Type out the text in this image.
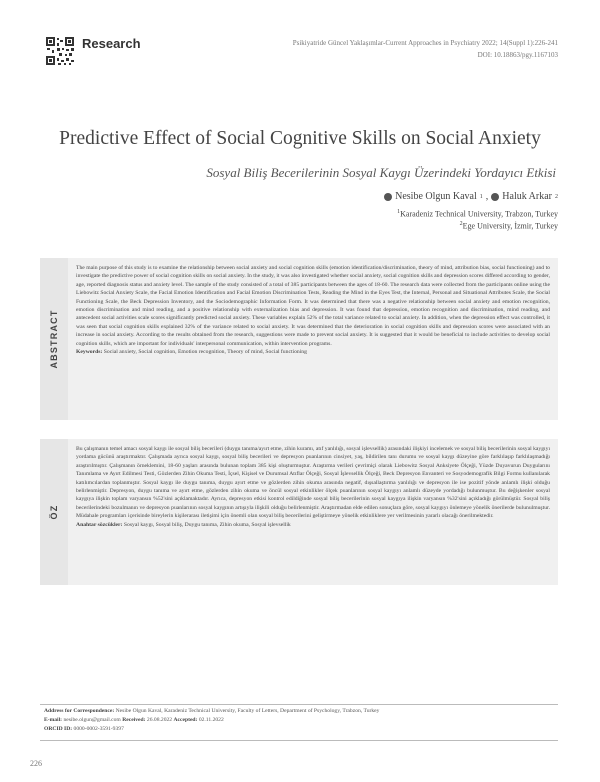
Research	Psikiyatride Güncel Yaklaşımlar-Current Approaches in Psychiatry 2022; 14(Suppl 1):226-241
DOI: 10.18863/pgy.1167103
Predictive Effect of Social Cognitive Skills on Social Anxiety
Sosyal Biliş Becerilerinin Sosyal Kaygı Üzerindeki Yordayıcı Etkisi
Nesibe Olgun Kaval 1 , Haluk Arkar 2
$^1$Karadeniz Technical University, Trabzon, Turkey
$^2$Ege University, İzmir, Turkey
ABSTRACT
The main purpose of this study is to examine the relationship between social anxiety and social cognition skills (emotion identification/discrimination, theory of mind, attribution bias, social functioning) and to investigate the predictive power of social cognition skills on social anxiety. In the study, it was also investigated whether social anxiety, social cognition skills and depression scores differed according to gender, age, reported diagnosis status and anxiety level. The sample of the study consisted of a total of 385 participants between the ages of 18-60. The research data were collected from the participants online using the Liebowitz Social Anxiety Scale, the Facial Emotion Identification and Facial Emotion Discrimination Tests, Reading the Mind in the Eyes Test, the Internal, Personal and Situational Attributes Scale, the Social Functioning Scale, the Beck Depression Inventory, and the Sociodemographic Information Form. It was determined that there was a negative relationship between social anxiety and emotion recognition, emotion discrimination and mind reading, and a positive relationship with externalization bias and depression. It was found that depression, emotion recognition and discrimination, mind reading, and antecedent social activities scale scores significantly predicted social anxiety. These variables explain 52% of the total variance related to social anxiety. In addition, when the depression effect was controlled, it was seen that social cognition skills explained 32% of the variance related to social anxiety. It was determined that the deterioration in social cognition skills and depression scores were associated with an increase in social anxiety. According to the results obtained from the research, suggestions were made to prevent social anxiety. It is suggested that it would be beneficial to include activities to develop social cognition skills, which are important for individuals' interpersonal communication, within intervention programs.
Keywords: Social anxiety, Social cognition, Emotion recognition, Theory of mind, Social functioning
ÖZ
Bu çalışmanın temel amacı sosyal kaygı ile sosyal biliş becerileri (duygu tanıma/ayırt etme, zihin kuramı, atıf yanlılığı, sosyal işlevsellik) arasındaki ilişkiyi incelemek ve sosyal biliş becerilerinin sosyal kaygıyı yordama gücünü araştırmaktır. Çalışmada ayrıca sosyal kaygı, sosyal biliş becerileri ve depresyon puanlarının cinsiyet, yaş, bildirilen tanı durumu ve sosyal kaygı düzeyine göre farklılaşıp farklılaşmadığı araştırılmıştır. Çalışmanın örneklemini, 18-60 yaşları arasında bulunan toplam 385 kişi oluşturmuştur. Araştırma verileri çevrimiçi olarak Liebowitz Sosyal Anksiyete Ölçeği, Yüzde Duyavurun Duygularını Tanımlama ve Ayırt Edilmesi Testi, Gözlerden Zihin Okuma Testi, İçsel, Kişisel ve Durumsal Atıflar Ölçeği, Sosyal İşlevsellik Ölçeği, Beck Depresyon Envanteri ve Sosyodemografik Bilgi Formu kullanılarak katılımcılardan toplanmıştır. Sosyal kaygı ile duygu tanıma, duygu ayırt etme ve gözlerden zihin okuma arasında negatif, dışsallaştırma yanlılığı ve depresyon ile ise pozitif yönde anlamlı ilişki olduğu belirlenmiştir. Depresyon, duygu tanıma ve ayırt etme, gözlerden zihin okuma ve öncül sosyal etkinlikler ölçek puanlarının sosyal kaygıyı anlamlı düzeyde yordadığı bulunmuştur. Bu değişkenler sosyal kaygıya ilişkin toplam varyansın %52'sini açıklamaktadır. Ayrıca, depresyon etkisi kontrol edildiğinde sosyal biliş becerilerinin sosyal kaygıya ilişkin varyansın %32'sini açıkladığı görülmüştür. Sosyal biliş becerilerindeki bozulmanın ve depresyon puanlarının sosyal kaygının artışıyla ilişkili olduğu belirlenmiştir. Araştırmadan elde edilen sonuçlara göre, sosyal kaygıyı önlemeye yönelik önerilerde bulunulmuştur. Müdahale programları içerisinde bireylerin kişilerarası iletişimi için önemli olan sosyal biliş becerilerini geliştirmeye yönelik etkinliklere yer verilmesinin yararlı olacağı önerilmektedir.
Anahtar sözcükler: Sosyal kaygı, Sosyal biliş, Duygu tanıma, Zihin okuma, Sosyal işlevsellik
Address for Correspondence: Nesibe Olgun Kaval, Karadeniz Technical University, Faculty of Letters, Department of Psychology, Trabzon, Turkey
E-mail: nesibe.olgun@gmail.com Received: 26.08.2022 Accepted: 02.11.2022
ORCID ID: 0000-0002-3591-9397
226
